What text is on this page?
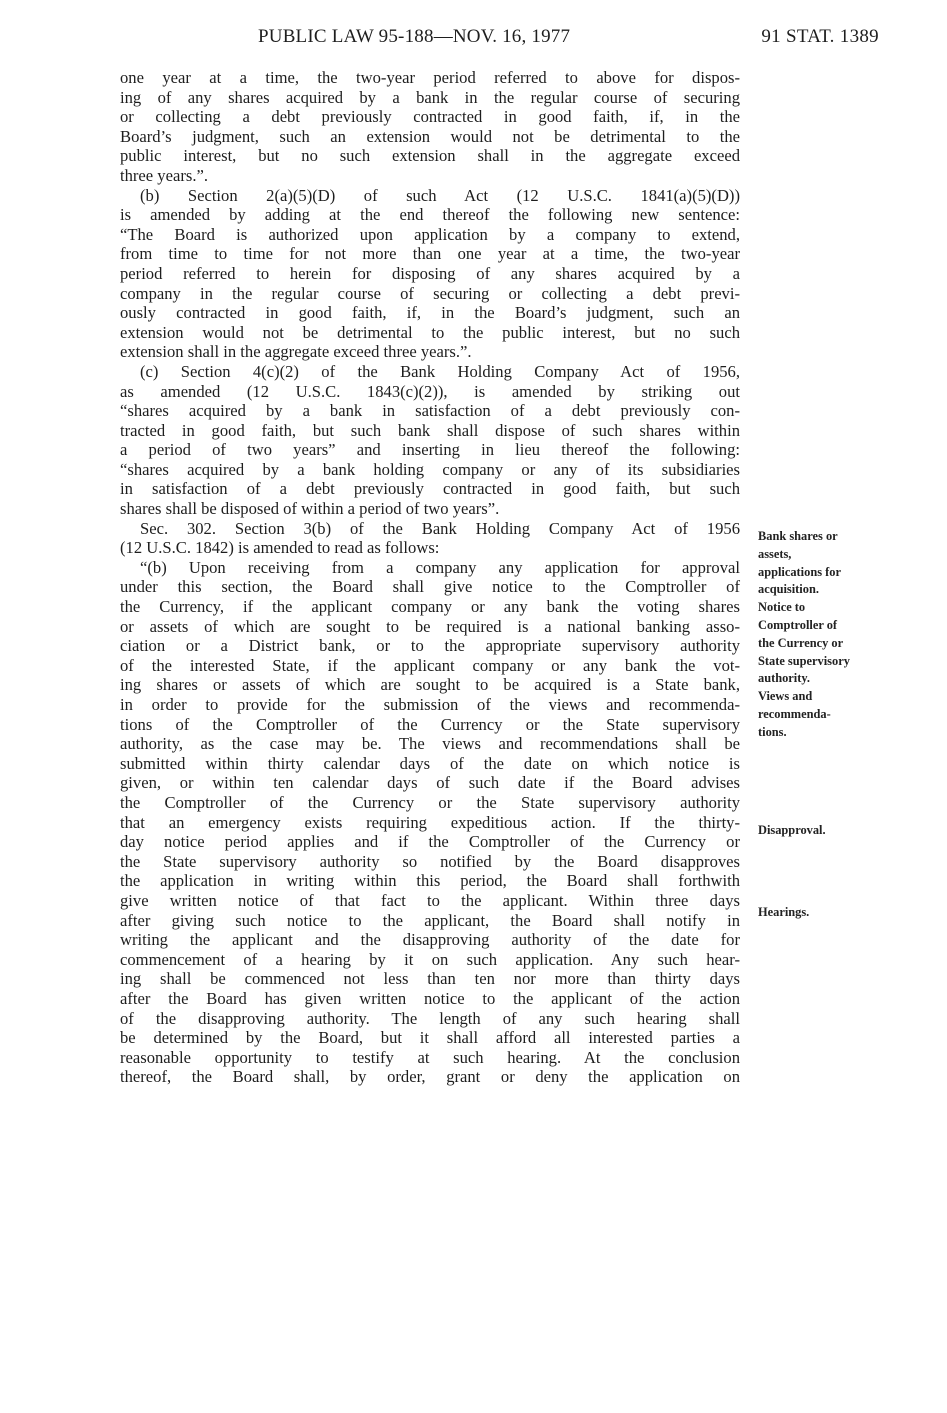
PUBLIC LAW 95-188—NOV. 16, 1977	91 STAT. 1389
one year at a time, the two-year period referred to above for dispos-
ing of any shares acquired by a bank in the regular course of securing
or collecting a debt previously contracted in good faith, if, in the
Board’s judgment, such an extension would not be detrimental to the
public interest, but no such extension shall in the aggregate exceed
three years.”.
(b) Section 2(a)(5)(D) of such Act (12 U.S.C. 1841(a)(5)(D))
is amended by adding at the end thereof the following new sentence:
“The Board is authorized upon application by a company to extend,
from time to time for not more than one year at a time, the two-year
period referred to herein for disposing of any shares acquired by a
company in the regular course of securing or collecting a debt previ-
ously contracted in good faith, if, in the Board’s judgment, such an
extension would not be detrimental to the public interest, but no such
extension shall in the aggregate exceed three years.”.
(c) Section 4(c)(2) of the Bank Holding Company Act of 1956,
as amended (12 U.S.C. 1843(c)(2)), is amended by striking out
“shares acquired by a bank in satisfaction of a debt previously con-
tracted in good faith, but such bank shall dispose of such shares within
a period of two years” and inserting in lieu thereof the following:
“shares acquired by a bank holding company or any of its subsidiaries
in satisfaction of a debt previously contracted in good faith, but such
shares shall be disposed of within a period of two years”.
Sec. 302. Section 3(b) of the Bank Holding Company Act of 1956
(12 U.S.C. 1842) is amended to read as follows:
“(b) Upon receiving from a company any application for approval
under this section, the Board shall give notice to the Comptroller of
the Currency, if the applicant company or any bank the voting shares
or assets of which are sought to be required is a national banking asso-
ciation or a District bank, or to the appropriate supervisory authority
of the interested State, if the applicant company or any bank the vot-
ing shares or assets of which are sought to be acquired is a State bank,
in order to provide for the submission of the views and recommenda-
tions of the Comptroller of the Currency or the State supervisory
authority, as the case may be. The views and recommendations shall be
submitted within thirty calendar days of the date on which notice is
given, or within ten calendar days of such date if the Board advises
the Comptroller of the Currency or the State supervisory authority
that an emergency exists requiring expeditious action. If the thirty-
day notice period applies and if the Comptroller of the Currency or
the State supervisory authority so notified by the Board disapproves
the application in writing within this period, the Board shall forthwith
give written notice of that fact to the applicant. Within three days
after giving such notice to the applicant, the Board shall notify in
writing the applicant and the disapproving authority of the date for
commencement of a hearing by it on such application. Any such hear-
ing shall be commenced not less than ten nor more than thirty days
after the Board has given written notice to the applicant of the action
of the disapproving authority. The length of any such hearing shall
be determined by the Board, but it shall afford all interested parties a
reasonable opportunity to testify at such hearing. At the conclusion
thereof, the Board shall, by order, grant or deny the application on
Bank shares or
assets,
applications for
acquisition.
Notice to
Comptroller of
the Currency or
State supervisory
authority.
Views and
recommenda-
tions.
Disapproval.
Hearings.
